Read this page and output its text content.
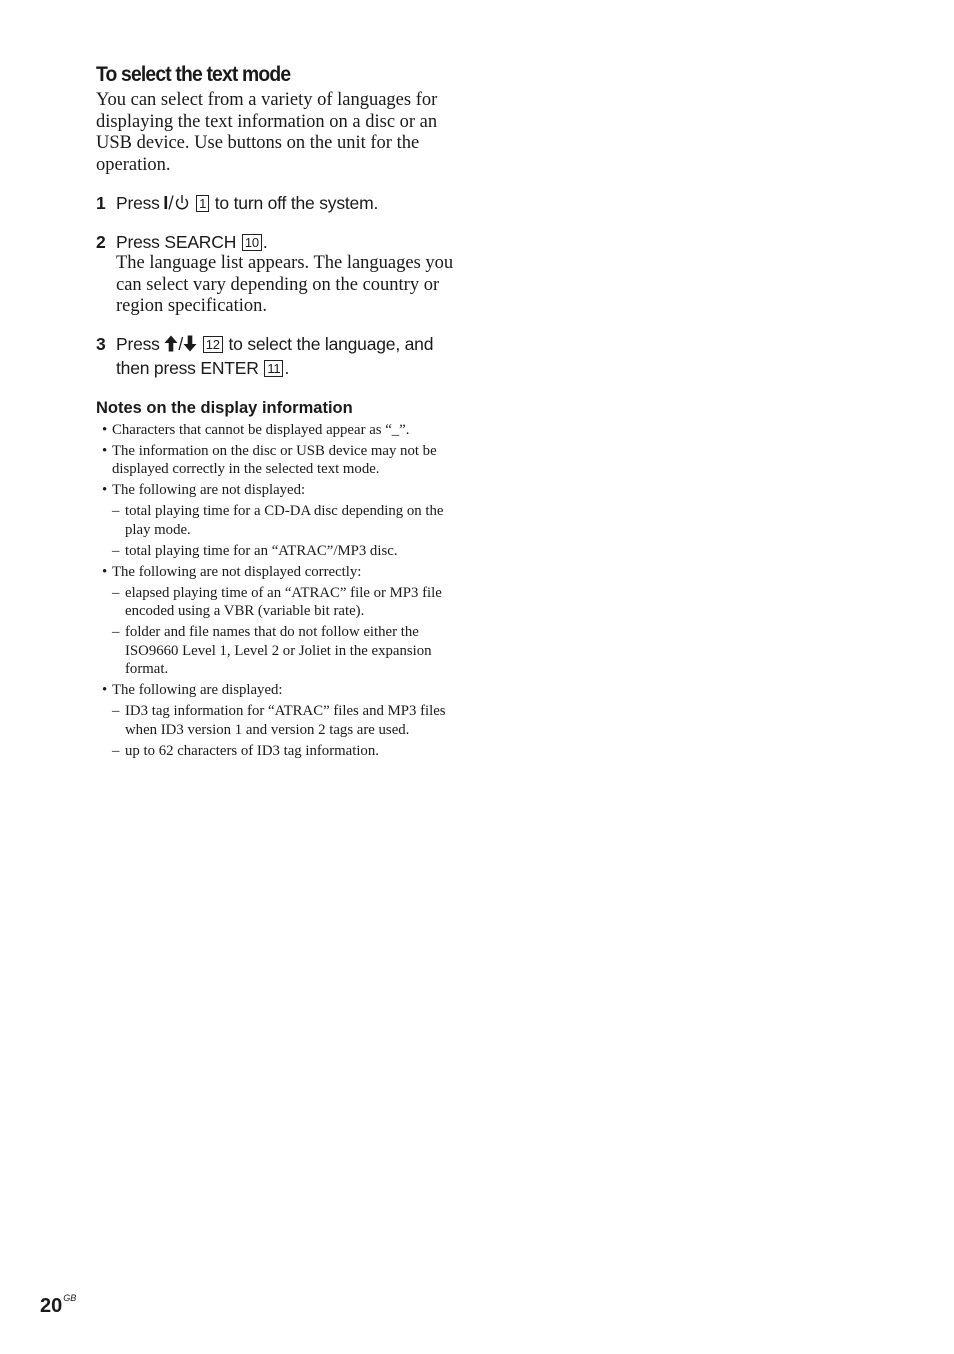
To select the text mode

You can select from a variety of languages for displaying the text information on a disc or an USB device. Use buttons on the unit for the operation.

1 Press	1 to turn off the system.
2 Press SEARCH 10 .
The language list appears. The languages you can select vary depending on the country or region specification.
3 Press / 12 to select the language, and then press ENTER 11 .
Notes on the display information
• Characters that cannot be displayed appear as “_”.
• The information on the disc or USB device may not be displayed correctly in the selected text mode.
• The following are not displayed:
– total playing time for a CD-DA disc depending on the play mode.
– total playing time for an “ATRAC”/MP3 disc.
• The following are not displayed correctly:
– elapsed playing time of an “ATRAC” file or MP3 file encoded using a VBR (variable bit rate).
– folder and file names that do not follow either the ISO9660 Level 1, Level 2 or Joliet in the expansion format.
• The following are displayed:
– ID3 tag information for “ATRAC” files and MP3 files when ID3 version 1 and version 2 tags are used.
– up to 62 characters of ID3 tag information.
$20^{GB}$
